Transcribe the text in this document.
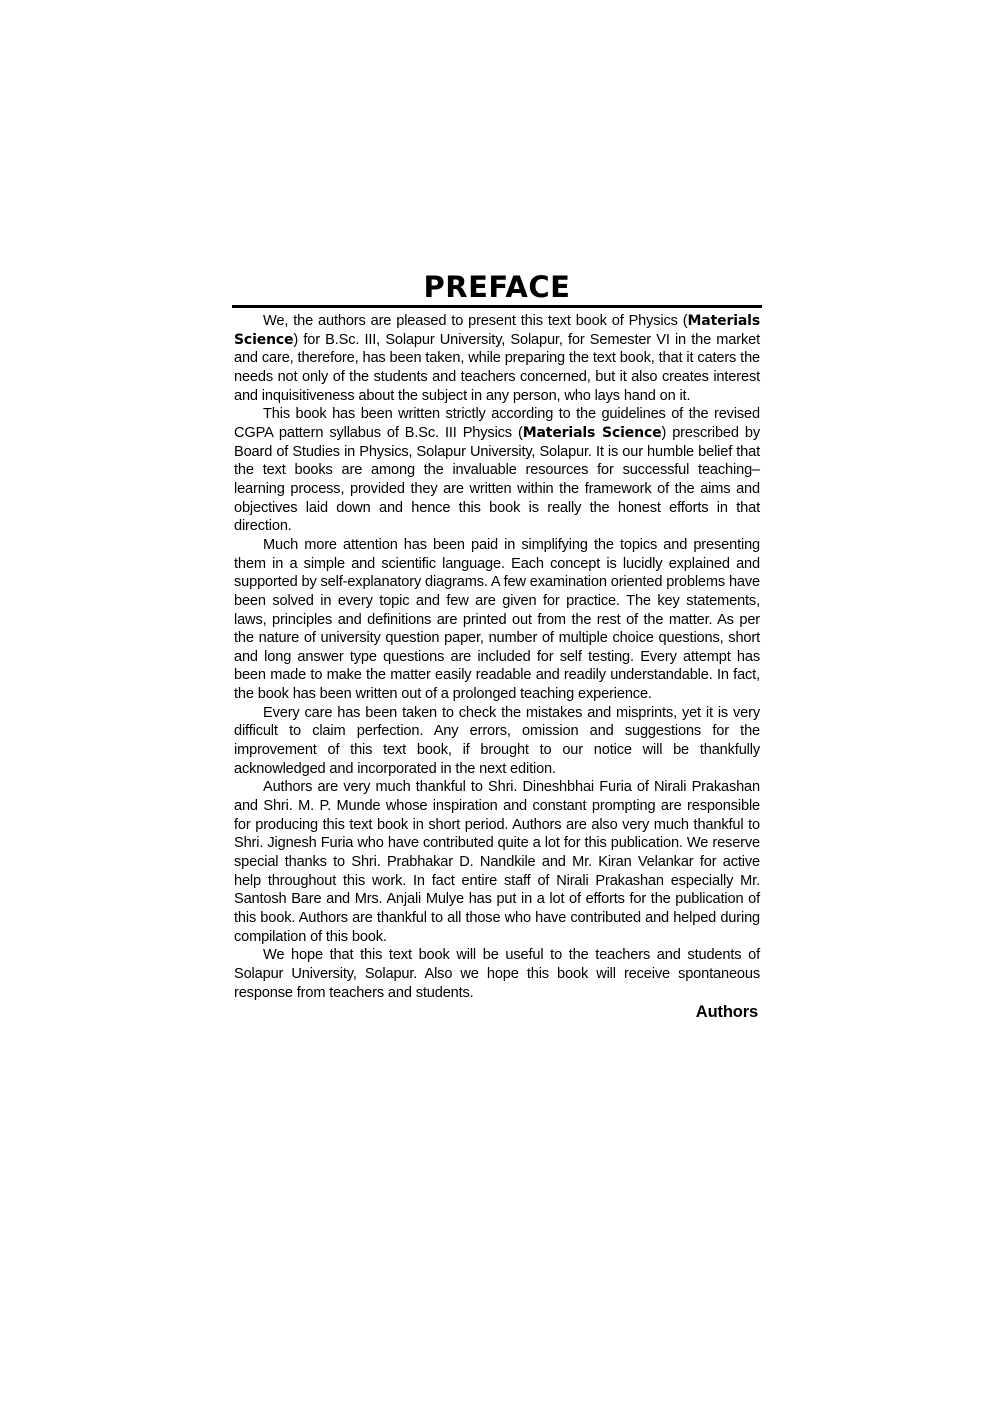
PREFACE

We, the authors are pleased to present this text book of Physics (Materials Science) for B.Sc. III, Solapur University, Solapur, for Semester VI in the market and care, therefore, has been taken, while preparing the text book, that it caters the needs not only of the students and teachers concerned, but it also creates interest and inquisitiveness about the subject in any person, who lays hand on it.

This book has been written strictly according to the guidelines of the revised CGPA pattern syllabus of B.Sc. III Physics (Materials Science) prescribed by Board of Studies in Physics, Solapur University, Solapur. It is our humble belief that the text books are among the invaluable resources for successful teaching–learning process, provided they are written within the framework of the aims and objectives laid down and hence this book is really the honest efforts in that direction.

Much more attention has been paid in simplifying the topics and presenting them in a simple and scientific language. Each concept is lucidly explained and supported by self-explanatory diagrams. A few examination oriented problems have been solved in every topic and few are given for practice. The key statements, laws, principles and definitions are printed out from the rest of the matter. As per the nature of university question paper, number of multiple choice questions, short and long answer type questions are included for self testing. Every attempt has been made to make the matter easily readable and readily understandable. In fact, the book has been written out of a prolonged teaching experience.

Every care has been taken to check the mistakes and misprints, yet it is very difficult to claim perfection. Any errors, omission and suggestions for the improvement of this text book, if brought to our notice will be thankfully acknowledged and incorporated in the next edition.

Authors are very much thankful to Shri. Dineshbhai Furia of Nirali Prakashan and Shri. M. P. Munde whose inspiration and constant prompting are responsible for producing this text book in short period. Authors are also very much thankful to Shri. Jignesh Furia who have contributed quite a lot for this publication. We reserve special thanks to Shri. Prabhakar D. Nandkile and Mr. Kiran Velankar for active help throughout this work. In fact entire staff of Nirali Prakashan especially Mr. Santosh Bare and Mrs. Anjali Mulye has put in a lot of efforts for the publication of this book. Authors are thankful to all those who have contributed and helped during compilation of this book.

We hope that this text book will be useful to the teachers and students of Solapur University, Solapur. Also we hope this book will receive spontaneous response from teachers and students.

Authors
